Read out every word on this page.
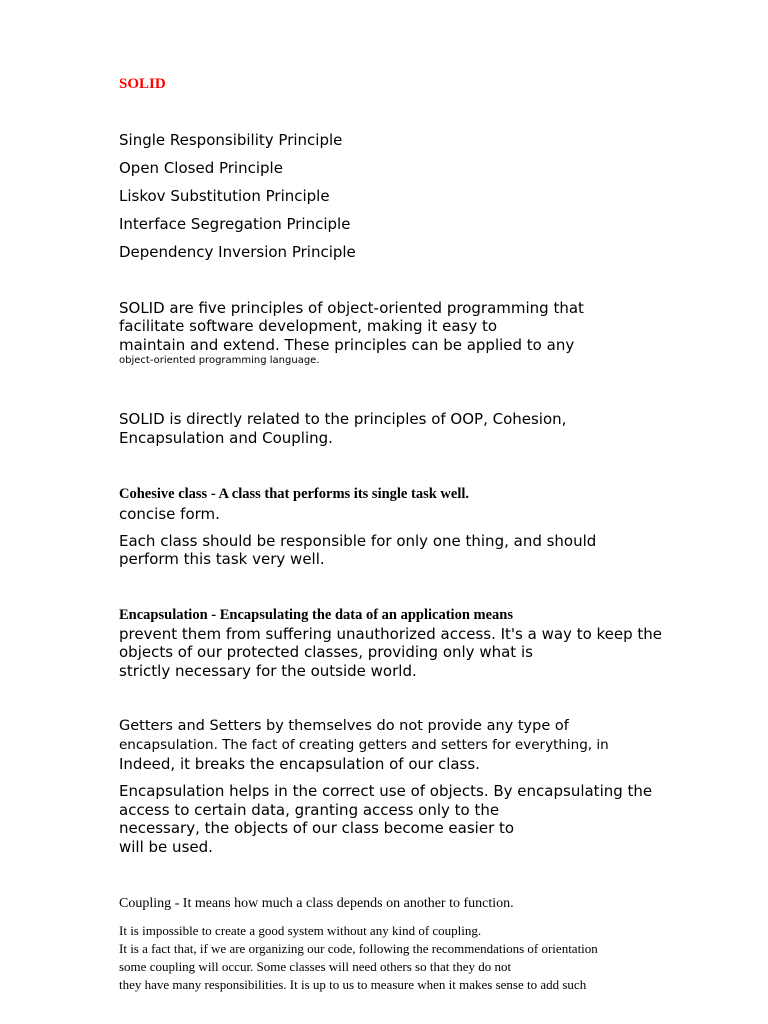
SOLID

Single Responsibility Principle

Open Closed Principle

Liskov Substitution Principle

Interface Segregation Principle

Dependency Inversion Principle

SOLID are five principles of object-oriented programming that

facilitate software development, making it easy to

maintain and extend. These principles can be applied to any

object-oriented programming language.

SOLID is directly related to the principles of OOP, Cohesion,

Encapsulation and Coupling.

Cohesive class - A class that performs its single task well.

concise form.

Each class should be responsible for only one thing, and should

perform this task very well.

Encapsulation - Encapsulating the data of an application means

prevent them from suffering unauthorized access. It's a way to keep the

objects of our protected classes, providing only what is

strictly necessary for the outside world.

Getters and Setters by themselves do not provide any type of

encapsulation. The fact of creating getters and setters for everything, in

Indeed, it breaks the encapsulation of our class.

Encapsulation helps in the correct use of objects. By encapsulating the

access to certain data, granting access only to the

necessary, the objects of our class become easier to

will be used.

Coupling - It means how much a class depends on another to function.

It is impossible to create a good system without any kind of coupling.

It is a fact that, if we are organizing our code, following the recommendations of orientation

some coupling will occur. Some classes will need others so that they do not

they have many responsibilities. It is up to us to measure when it makes sense to add such
